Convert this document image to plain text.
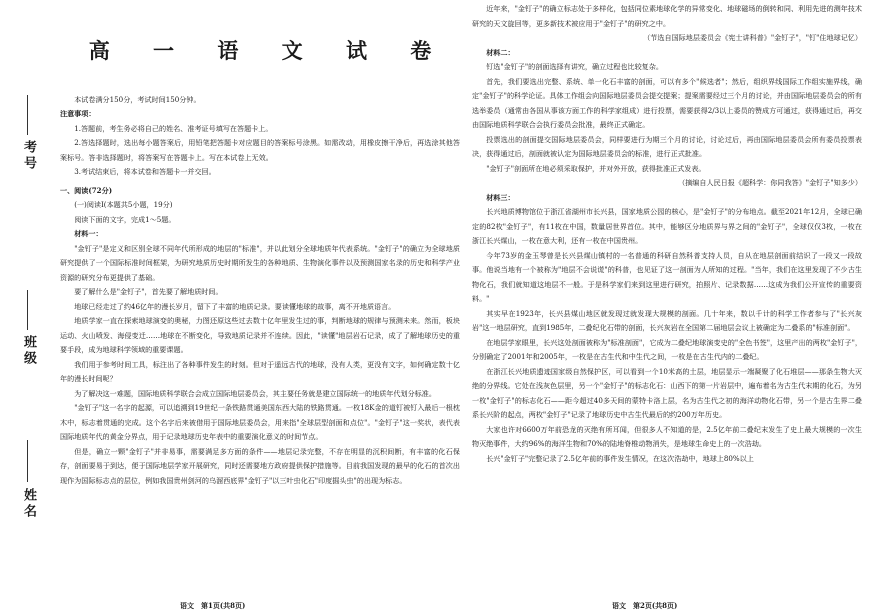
考号
班级
姓名
高 一 语 文 试 卷
本试卷满分150分，考试时间150分钟。
注意事项：
1.答题前，考生务必将自己的姓名、准考证号填写在答题卡上。
2.答选择题时，选出每小题答案后，用铅笔把答题卡对应题目的答案标号涂黑。如需改动，用橡皮擦干净后，再选涂其他答案标号。答非选择题时，将答案写在答题卡上。写在本试卷上无效。
3.考试结束后，将本试卷和答题卡一并交回。
一、阅读(72分)
(一)阅读Ⅰ(本题共5小题，19分)
阅读下面的文字，完成1～5题。
材料一：
"金钉子"是定义和区别全球不同年代所形成的地层的"标准"，并以此划分全球地质年代表系统。"金钉子"的确立为全球地质研究提供了一个国际标准时间框架，为研究地质历史时期所发生的各种地质、生物演化事件以及预测国家名录的历史和科学产业资源的研究分布更提供了基础。
要了解什么是"金钉子"，首先要了解地质时间。
地球已经走过了约46亿年的漫长岁月，留下了丰富的地质记录。要读懂地球的故事，离不开地质语言。
地质学家一直在探索地球演变的奥秘，力图还原这些过去数十亿年里发生过的事，判断地球的规律与预测未来。然而，板块运动、火山喷发、海侵变迁……地球在不断变化，导致地质记录并不连续。因此，"读懂"地层岩石记录，成了了解地球历史的重要手段，成为地球科学领域的重要课题。
我们用于参考时间工具，标注出了各种事件发生的时刻。但对于遥远古代的地球，没有人类，更没有文字，如何确定数十亿年的漫长时间呢？
为了解决这一难题，国际地质科学联合会成立国际地层委员会，其主要任务就是建立国际统一的地质年代划分标准。
"金钉子"这一名字的起源，可以追溯到19世纪一条铁路贯通美国东西大陆的铁路贯通。一枚18K金的道钉被钉入最后一根枕木中，标志着贯通的完成。这个名字后来被借用于国际地层委员会，用来指"全球层型剖面和点位"。"金钉子"这一奖状，表代表国际地质年代的黄金分界点，用于记录地球历史年表中的重要演化意义的时间节点。
但是，确立一颗"金钉子"并非易事，需要满足多方面的条件——地层记录完整，不存在明显的沉积间断，有丰富的化石保存，剖面要易于到达，便于国际地层学家开展研究，同时还需要地方政府提供保护措施等。目前我国发现的最早的化石的首次出现作为国际标志点的层位，例如我国贵州剑河的乌溜西底界"金钉子"以三叶虫化石"印度掘头虫"的出现为标志。
近年来，"金钉子"的确立标志处于多样化，包括同位素地球化学的异常变化、地球磁场的倒转和同、利用先进的测年技术研究的天文旋回等，更多新技术被应用于"金钉子"的研究之中。
（节选自国际地层委员会《宪士讲科普》"金钉子"，"钉"住地球记忆）
材料二：
钉选"金钉子"的剖面选择有讲究，确立过程也比较复杂。
首先，我们要选出完整、系统、单一化石丰富的剖面，可以有多个"候选者"；然后，组织界线国际工作组实施界线，确定"金钉子"的科学论证。具体工作组会向国际地层委员会提交提案；提案需要经过三个月的讨论，并由国际地层委员会的所有选举委员（通常由各国从事该方面工作的科学家组成）进行投票，需要获得2/3以上委员的赞成方可通过，获得通过后，再交由国际地质科学联合会执行委员会批准，最终正式确定。
投票选出的剖面提交国际地层委员会，同样要进行为期三个月的讨论，讨论过后，再由国际地层委员会所有委员投票表决，获得通过后，剖面就被认定为国际地层委员会的标准，进行正式批准。
"金钉子"剖面所在地必须采取保护，并对外开放，获得批准正式发表。
（摘编自人民日报《超科学：你同我答》"金钉子"知多少）
材料三：
长兴地质博物馆位于浙江省湖州市长兴县，国家地质公园的核心，是"金钉子"的分布地点。截至2021年12月，全球已确定的82枚"金钉子"，有11枚在中国，数量居世界首位。其中，能够区分地质界与界之间的"金钉子"，全球仅仅3枚，一枚在浙江长兴煤山，一枚在意大利，还有一枚在中国贵州。
今年73岁的金玉琴曾是长兴县煤山镇村的一名普通的科研自然科普支持人员，自从在地层剖面前结识了一段又一段故事。他说当地有一个被称为"地层不会说谎"的科普，也见证了这一剖面为人所知的过程。"当年，我们在这里发现了不少古生物化石，我们就知道这地层不一般。于是科学家们来到这里进行研究，拍照片、记录数据……这成为我们公开宣传的重要资料。"
其实早在1923年，长兴县煤山地区就发现过就发现大规模的剖面。几十年来，数以千计的科学工作者参与了"长兴灰岩"这一地层研究，直到1985年，二叠纪化石带的剖面，长兴灰岩在全国第二届地层会议上被确定为二叠系的"标准剖面"。
在地层学家眼里，长兴这处剖面被称为"标准剖面"，它成为二叠纪地球演变史的"全色书签"，这里产出的两枚"金钉子"，分别确定了2001年和2005年，一枚是在古生代和中生代之间，一枚是在古生代内的二叠纪。
在浙江长兴地质遗迹国家级自然保护区，可以看到一个10米高的土层，地层显示一端凝聚了化石堆层——那条生物大灭绝的分界线。它处在浅灰色层里，另一个"金钉子"的标志化石：山西下的第一片岩层中，遍布着名为古生代末期的化石，为另一枚"金钉子"的标志化石——距今超过40多天间的蒙特卡洛上层，名为古生代之初的海洋动物化石带，另一个是古生界二叠系长兴阶的起点，两枚"金钉子"记录了地球历史中古生代最后的约200万年历史。
大家也许对6600万年前恐龙的灭绝有所耳闻，但很多人不知道的是，2.5亿年前二叠纪末发生了史上最大规模的一次生物灭绝事件，大约96%的海洋生物和70%的陆地脊椎动物消失，是地球生命史上的一次浩劫。
长兴"金钉子"完整记录了2.5亿年前的事件发生情况，在这次浩劫中，地球上80%以上
语文　第1页(共8页)	语文　第2页(共8页)
